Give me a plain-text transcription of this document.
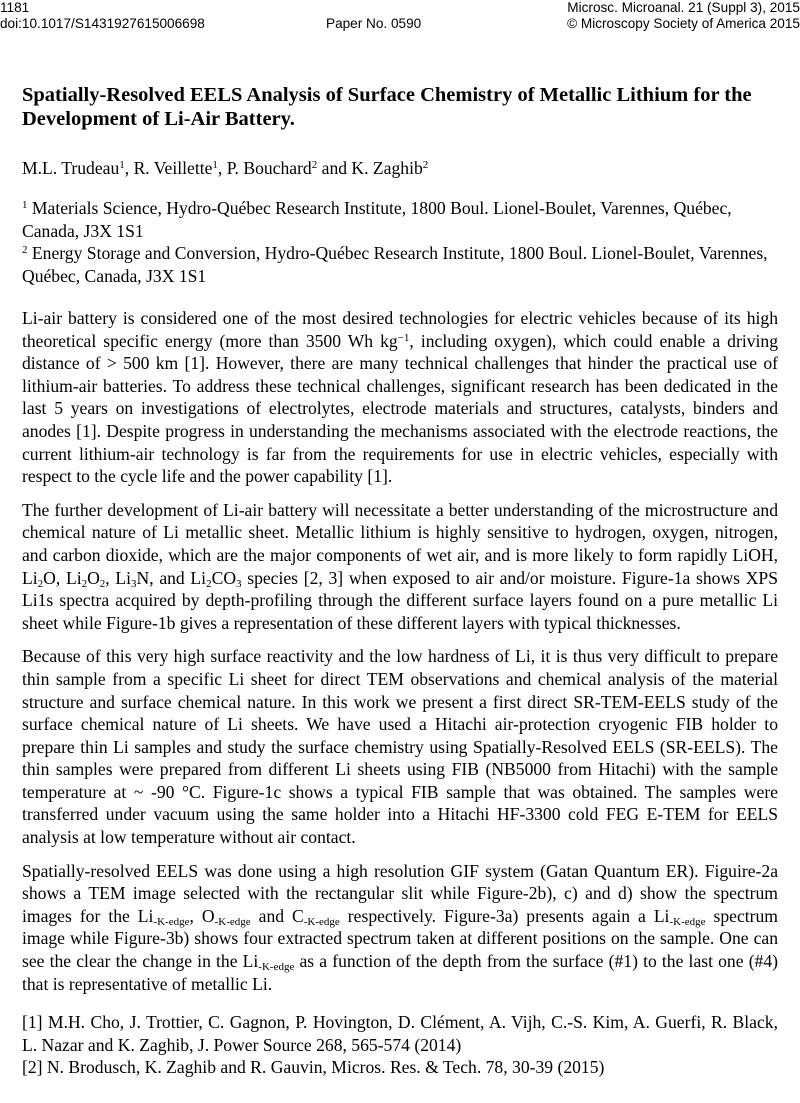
1181	Microsc. Microanal. 21 (Suppl 3), 2015
doi:10.1017/S1431927615006698	Paper No. 0590	© Microscopy Society of America 2015
Spatially-Resolved EELS Analysis of Surface Chemistry of Metallic Lithium for the Development of Li-Air Battery.
M.L. Trudeau$^1$, R. Veillette$^1$, P. Bouchard$^2$ and K. Zaghib$^2$
$^1$ Materials Science, Hydro-Québec Research Institute, 1800 Boul. Lionel-Boulet, Varennes, Québec, Canada, J3X 1S1
$^2$ Energy Storage and Conversion, Hydro-Québec Research Institute, 1800 Boul. Lionel-Boulet, Varennes, Québec, Canada, J3X 1S1
Li-air battery is considered one of the most desired technologies for electric vehicles because of its high theoretical specific energy (more than 3500 Wh $kg^{-1}$, including oxygen), which could enable a driving distance of > 500 km [1]. However, there are many technical challenges that hinder the practical use of lithium-air batteries. To address these technical challenges, significant research has been dedicated in the last 5 years on investigations of electrolytes, electrode materials and structures, catalysts, binders and anodes [1]. Despite progress in understanding the mechanisms associated with the electrode reactions, the current lithium-air technology is far from the requirements for use in electric vehicles, especially with respect to the cycle life and the power capability [1].
The further development of Li-air battery will necessitate a better understanding of the microstructure and chemical nature of Li metallic sheet. Metallic lithium is highly sensitive to hydrogen, oxygen, nitrogen, and carbon dioxide, which are the major components of wet air, and is more likely to form rapidly LiOH, $Li_2O$, $Li_2O_2$, $Li_3N$, and $Li_2CO_3$ species [2, 3] when exposed to air and/or moisture. Figure-1a shows XPS Li1s spectra acquired by depth-profiling through the different surface layers found on a pure metallic Li sheet while Figure-1b gives a representation of these different layers with typical thicknesses.
Because of this very high surface reactivity and the low hardness of Li, it is thus very difficult to prepare thin sample from a specific Li sheet for direct TEM observations and chemical analysis of the material structure and surface chemical nature. In this work we present a first direct SR-TEM-EELS study of the surface chemical nature of Li sheets. We have used a Hitachi air-protection cryogenic FIB holder to prepare thin Li samples and study the surface chemistry using Spatially-Resolved EELS (SR-EELS). The thin samples were prepared from different Li sheets using FIB (NB5000 from Hitachi) with the sample temperature at ~ -90 °C. Figure-1c shows a typical FIB sample that was obtained. The samples were transferred under vacuum using the same holder into a Hitachi HF-3300 cold FEG E-TEM for EELS analysis at low temperature without air contact.
Spatially-resolved EELS was done using a high resolution GIF system (Gatan Quantum ER). Figuire-2a shows a TEM image selected with the rectangular slit while Figure-2b), c) and d) show the spectrum images for the $Li_{-K-edge}$, $O_{-K-edge}$ and $C_{-K-edge}$ respectively. Figure-3a) presents again a $Li_{-K-edge}$ spectrum image while Figure-3b) shows four extracted spectrum taken at different positions on the sample. One can see the clear the change in the $Li_{-K-edge}$ as a function of the depth from the surface (#1) to the last one (#4) that is representative of metallic Li.
[1] M.H. Cho, J. Trottier, C. Gagnon, P. Hovington, D. Clément, A. Vijh, C.-S. Kim, A. Guerfi, R. Black, L. Nazar and K. Zaghib, J. Power Source 268, 565-574 (2014)
[2] N. Brodusch, K. Zaghib and R. Gauvin, Micros. Res. & Tech. 78, 30-39 (2015)
